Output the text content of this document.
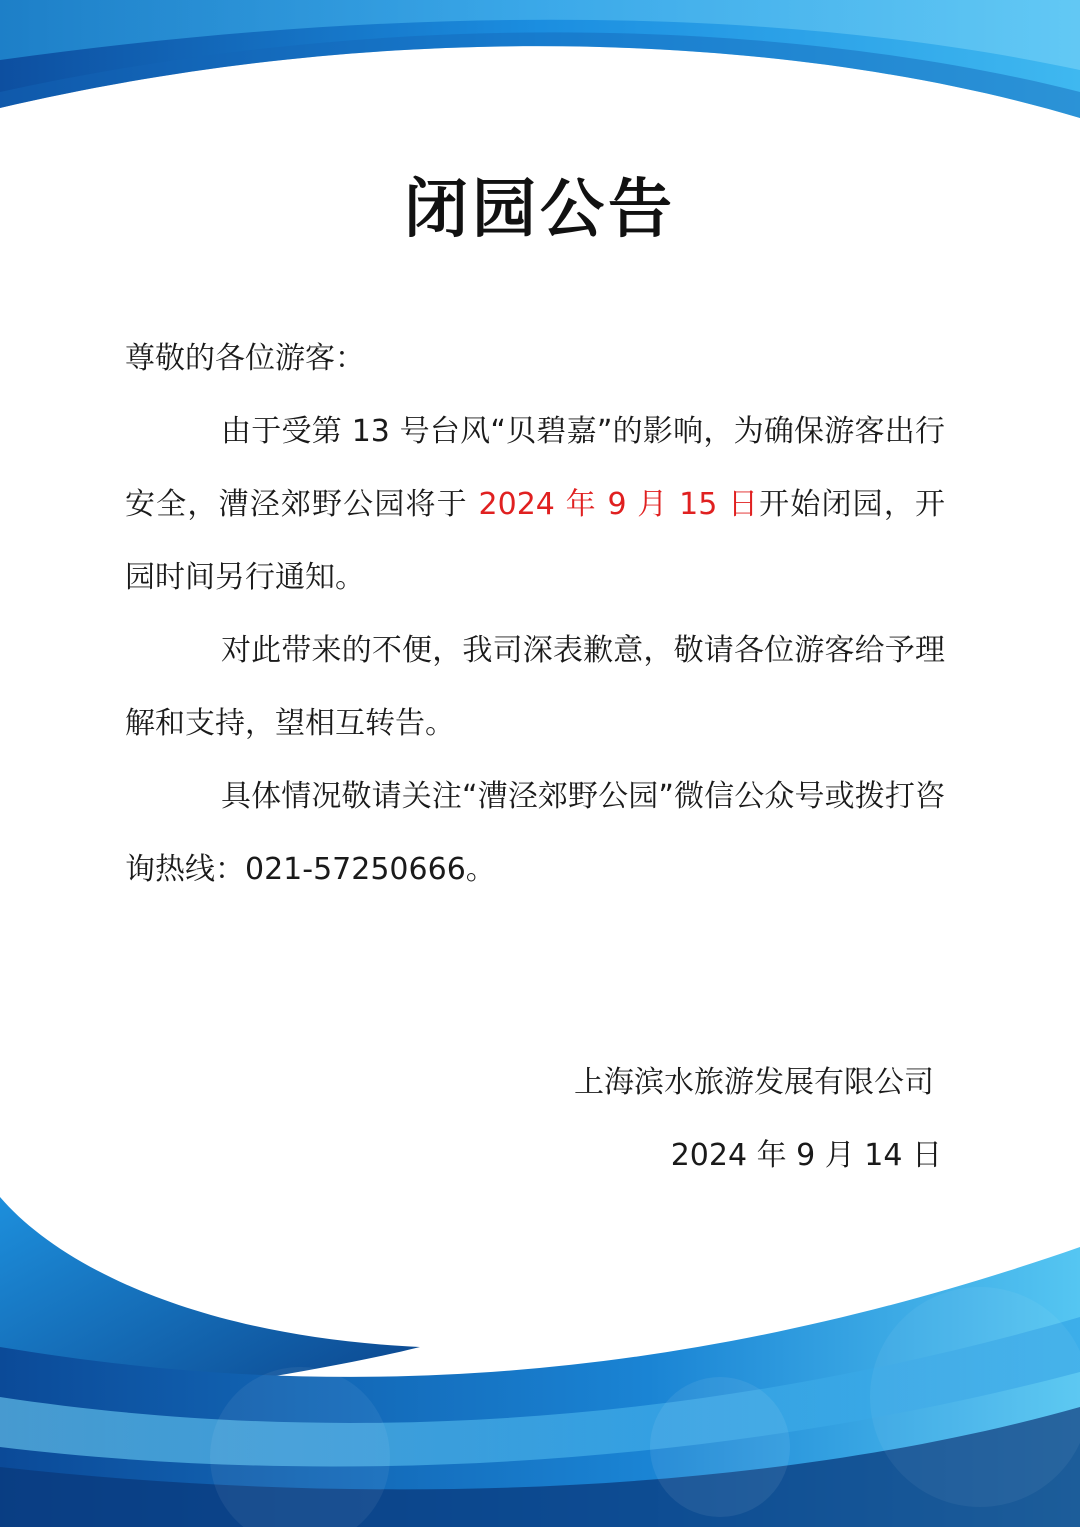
闭园公告
尊敬的各位游客：
由于受第 13 号台风“贝碧嘉”的影响，为确保游客出行安全，漕泾郊野公园将于 2024 年 9 月 15 日开始闭园，开园时间另行通知。
对此带来的不便，我司深表歉意，敬请各位游客给予理解和支持，望相互转告。
具体情况敬请关注“漕泾郊野公园”微信公众号或拨打咨询热线：021-57250666。
上海滨水旅游发展有限公司
2024 年 9 月 14 日
